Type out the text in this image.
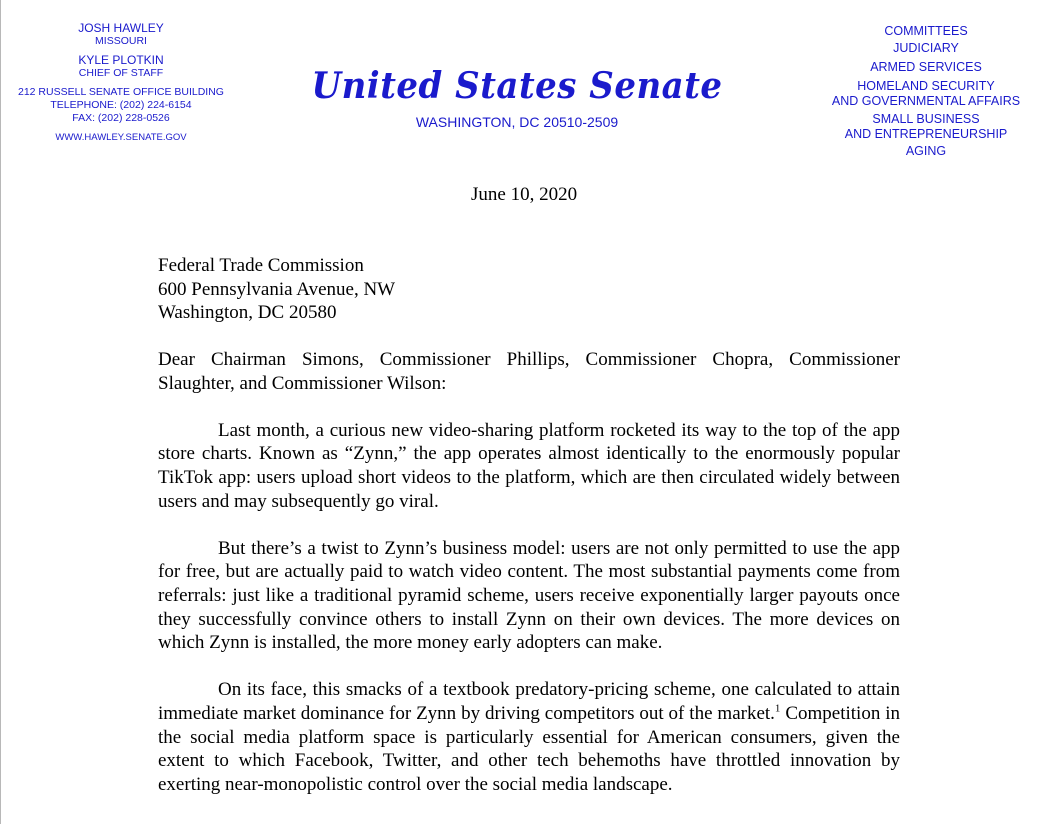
JOSH HAWLEY
MISSOURI
KYLE PLOTKIN
CHIEF OF STAFF
212 RUSSELL SENATE OFFICE BUILDING
TELEPHONE: (202) 224-6154
FAX: (202) 228-0526
WWW.HAWLEY.SENATE.GOV
United States Senate
WASHINGTON, DC 20510-2509
COMMITTEES
JUDICIARY
ARMED SERVICES
HOMELAND SECURITY
AND GOVERNMENTAL AFFAIRS
SMALL BUSINESS
AND ENTREPRENEURSHIP
AGING
June 10, 2020
Federal Trade Commission
600 Pennsylvania Avenue, NW
Washington, DC 20580

Dear Chairman Simons, Commissioner Phillips, Commissioner Chopra, Commissioner Slaughter, and Commissioner Wilson:

Last month, a curious new video-sharing platform rocketed its way to the top of the app store charts. Known as “Zynn,” the app operates almost identically to the enormously popular TikTok app: users upload short videos to the platform, which are then circulated widely between users and may subsequently go viral.

But there’s a twist to Zynn’s business model: users are not only permitted to use the app for free, but are actually paid to watch video content. The most substantial payments come from referrals: just like a traditional pyramid scheme, users receive exponentially larger payouts once they successfully convince others to install Zynn on their own devices. The more devices on which Zynn is installed, the more money early adopters can make.

On its face, this smacks of a textbook predatory-pricing scheme, one calculated to attain immediate market dominance for Zynn by driving competitors out of the market.$^1$ Competition in the social media platform space is particularly essential for American consumers, given the extent to which Facebook, Twitter, and other tech behemoths have throttled innovation by exerting near-monopolistic control over the social media landscape.
